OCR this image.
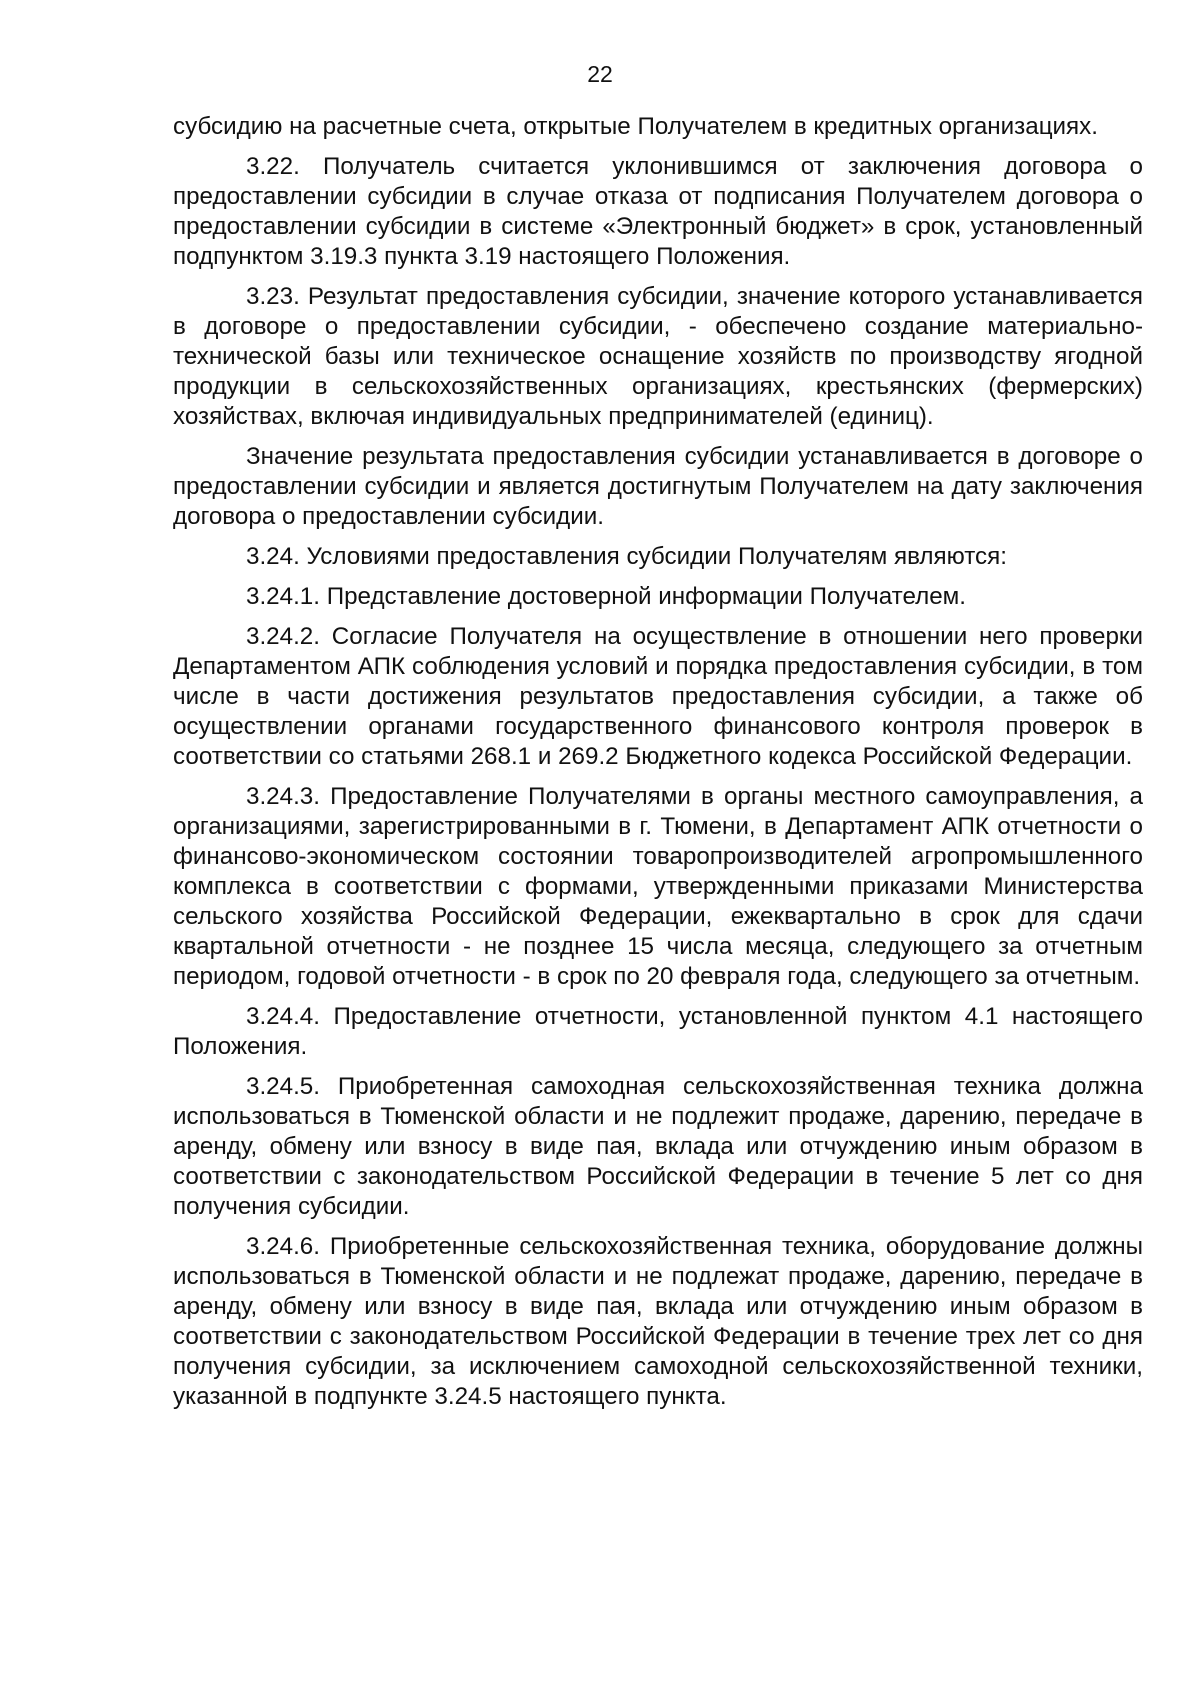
22

субсидию на расчетные счета, открытые Получателем в кредитных организациях.

3.22. Получатель считается уклонившимся от заключения договора о предоставлении субсидии в случае отказа от подписания Получателем договора о предоставлении субсидии в системе «Электронный бюджет» в срок, установленный подпунктом 3.19.3 пункта 3.19 настоящего Положения.

3.23. Результат предоставления субсидии, значение которого устанавливается в договоре о предоставлении субсидии, - обеспечено создание материально-технической базы или техническое оснащение хозяйств по производству ягодной продукции в сельскохозяйственных организациях, крестьянских (фермерских) хозяйствах, включая индивидуальных предпринимателей (единиц).

Значение результата предоставления субсидии устанавливается в договоре о предоставлении субсидии и является достигнутым Получателем на дату заключения договора о предоставлении субсидии.

3.24. Условиями предоставления субсидии Получателям являются:

3.24.1. Представление достоверной информации Получателем.

3.24.2. Согласие Получателя на осуществление в отношении него проверки Департаментом АПК соблюдения условий и порядка предоставления субсидии, в том числе в части достижения результатов предоставления субсидии, а также об осуществлении органами государственного финансового контроля проверок в соответствии со статьями 268.1 и 269.2 Бюджетного кодекса Российской Федерации.

3.24.3. Предоставление Получателями в органы местного самоуправления, а организациями, зарегистрированными в г. Тюмени, в Департамент АПК отчетности о финансово-экономическом состоянии товаропроизводителей агропромышленного комплекса в соответствии с формами, утвержденными приказами Министерства сельского хозяйства Российской Федерации, ежеквартально в срок для сдачи квартальной отчетности - не позднее 15 числа месяца, следующего за отчетным периодом, годовой отчетности - в срок по 20 февраля года, следующего за отчетным.

3.24.4. Предоставление отчетности, установленной пунктом 4.1 настоящего Положения.

3.24.5. Приобретенная самоходная сельскохозяйственная техника должна использоваться в Тюменской области и не подлежит продаже, дарению, передаче в аренду, обмену или взносу в виде пая, вклада или отчуждению иным образом в соответствии с законодательством Российской Федерации в течение 5 лет со дня получения субсидии.

3.24.6. Приобретенные сельскохозяйственная техника, оборудование должны использоваться в Тюменской области и не подлежат продаже, дарению, передаче в аренду, обмену или взносу в виде пая, вклада или отчуждению иным образом в соответствии с законодательством Российской Федерации в течение трех лет со дня получения субсидии, за исключением самоходной сельскохозяйственной техники, указанной в подпункте 3.24.5 настоящего пункта.
